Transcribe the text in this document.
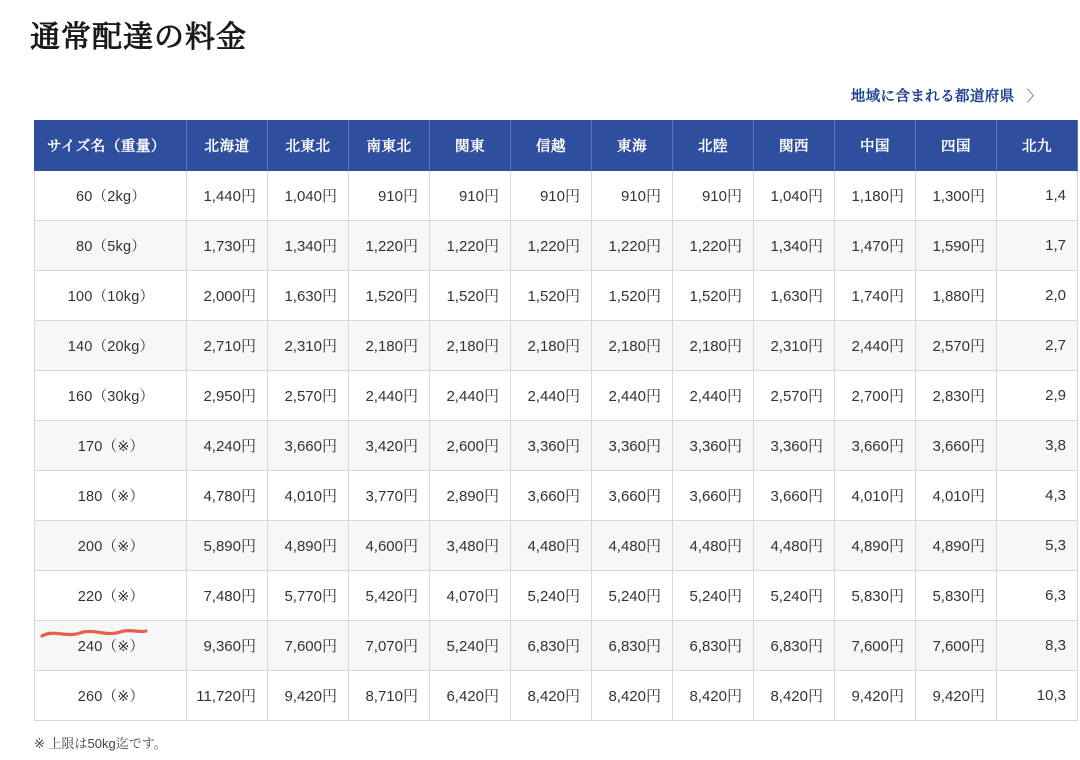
通常配達の料金
地域に含まれる都道府県 〉
サイズ名（重量）	北海道	北東北	南東北	関東	信越	東海	北陸	関西	中国	四国	北九
60（2kg）	1,440円	1,040円	910円	910円	910円	910円	910円	1,040円	1,180円	1,300円	1,4
80（5kg）	1,730円	1,340円	1,220円	1,220円	1,220円	1,220円	1,220円	1,340円	1,470円	1,590円	1,7
100（10kg）	2,000円	1,630円	1,520円	1,520円	1,520円	1,520円	1,520円	1,630円	1,740円	1,880円	2,0
140（20kg）	2,710円	2,310円	2,180円	2,180円	2,180円	2,180円	2,180円	2,310円	2,440円	2,570円	2,7
160（30kg）	2,950円	2,570円	2,440円	2,440円	2,440円	2,440円	2,440円	2,570円	2,700円	2,830円	2,9
170（※）	4,240円	3,660円	3,420円	2,600円	3,360円	3,360円	3,360円	3,360円	3,660円	3,660円	3,8
180（※）	4,780円	4,010円	3,770円	2,890円	3,660円	3,660円	3,660円	3,660円	4,010円	4,010円	4,3
200（※）	5,890円	4,890円	4,600円	3,480円	4,480円	4,480円	4,480円	4,480円	4,890円	4,890円	5,3
220（※）	7,480円	5,770円	5,420円	4,070円	5,240円	5,240円	5,240円	5,240円	5,830円	5,830円	6,3
240（※）	9,360円	7,600円	7,070円	5,240円	6,830円	6,830円	6,830円	6,830円	7,600円	7,600円	8,3
260（※）	11,720円	9,420円	8,710円	6,420円	8,420円	8,420円	8,420円	8,420円	9,420円	9,420円	10,3
※ 上限は50kg迄です。
